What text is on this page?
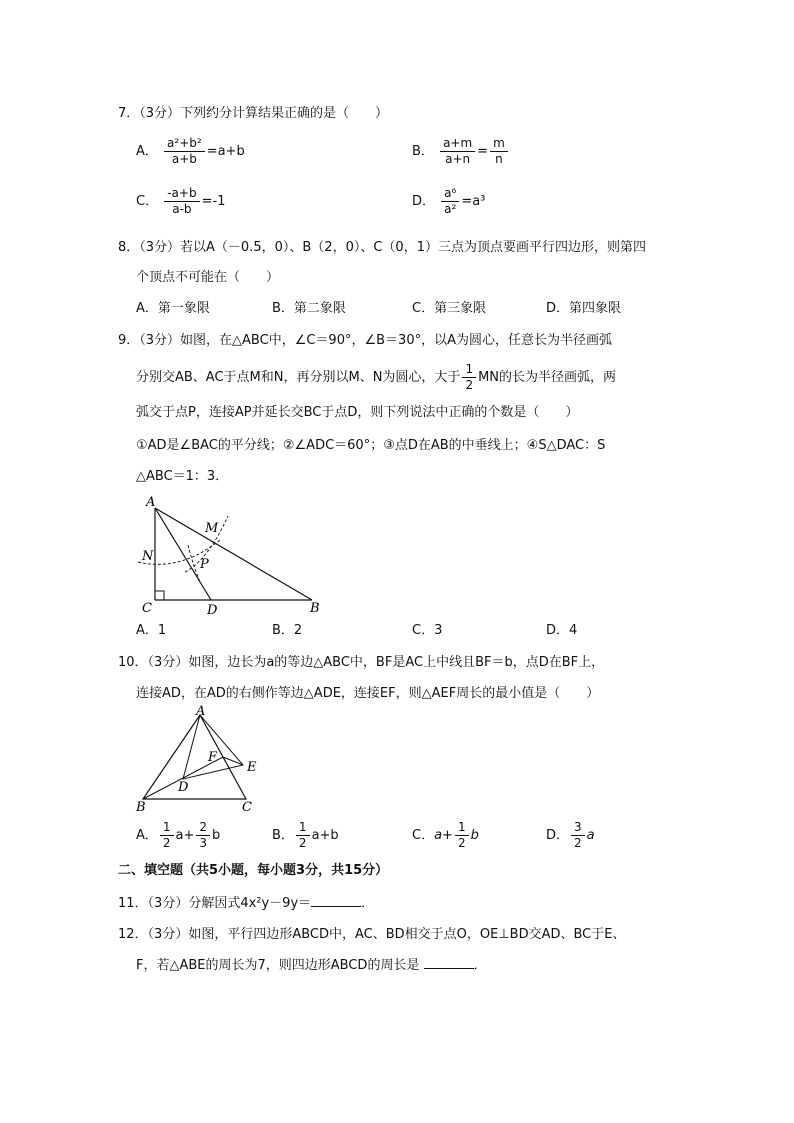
7．（3分）下列约分计算结果正确的是（　　）
A． $\frac{\text{a²+b²}}{a+b} =a+b$	B． $\frac{a+m}{a+n} = \frac{m}{n}$
C． $\frac{-a+b}{a-b} =-1$	D． $\frac{\text{a⁶}}{\text{a²}} =a^3$
8．（3分）若以A（－0.5，0）、B（2，0）、C（0，1）三点为顶点要画平行四边形，则第四
个顶点不可能在（　　）
A．第一象限	B．第二象限	C．第三象限	D．第四象限
9．（3分）如图，在△ABC中，∠C＝90°，∠B＝30°，以A为圆心，任意长为半径画弧
分别交AB、AC于点M和N，再分别以M、N为圆心，大于 $\frac{1}{2}$ MN的长为半径画弧，两
弧交于点P，连接AP并延长交BC于点D，则下列说法中正确的个数是（　　）
①AD是∠BAC的平分线；②∠ADC＝60°；③点D在AB的中垂线上；④S△DAC：S
△ABC＝1：3．
A
B
C	D
M
N
P
A．1	B．2	C．3	D．4
10．（3分）如图，边长为a的等边△ABC中，BF是AC上中线且BF＝b，点D在BF上，
连接AD，在AD的右侧作等边△ADE，连接EF，则△AEF周长的最小值是（　　）
A
B	C
D
E
F
A． $\frac{1}{2} a+ \frac{2}{3}$ b	B． $\frac{1}{2} a+b$	C．$a+ \frac{1}{2}$ b	D． $\frac{3}{2}$ a
二、填空题（共5小题，每小题3分，共15分）
11．（3分）分解因式4x²y－9y＝	．
12．（3分）如图，平行四边形ABCD中，AC、BD相交于点O，OE⊥BD交AD、BC于E、
F，若△ABE的周长为7，则四边形ABCD的周长是	．
